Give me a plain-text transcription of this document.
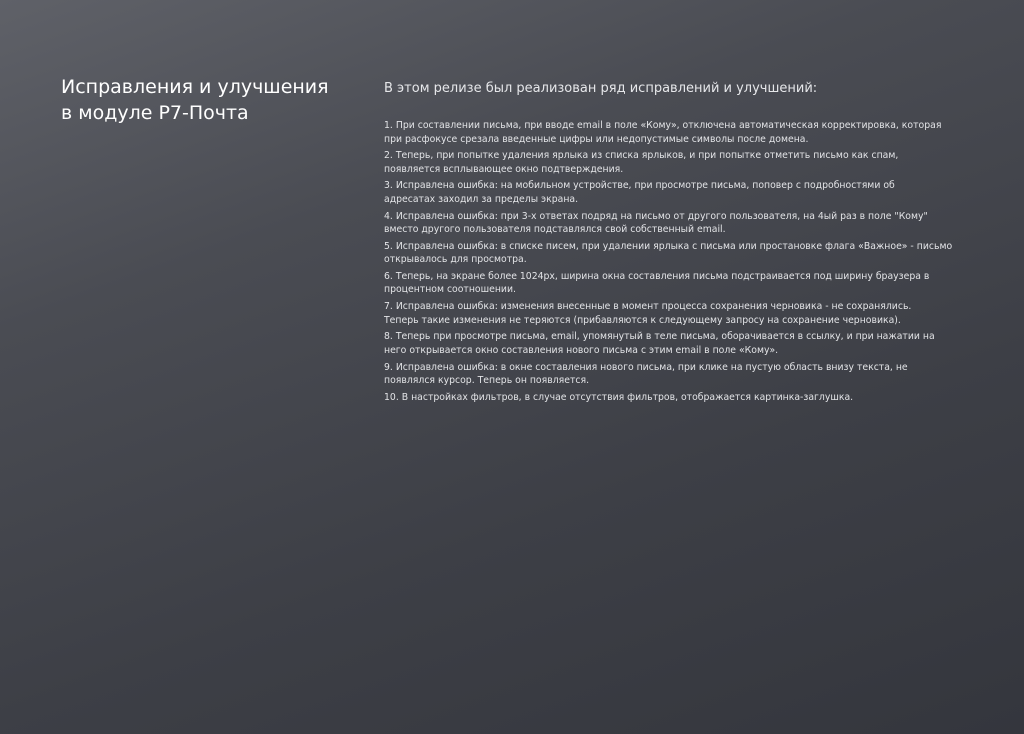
Исправления и улучшения
в модуле Р7-Почта

В этом релизе был реализован ряд исправлений и улучшений:

1. При составлении письма, при вводе email в поле «Кому», отключена автоматическая корректировка, которая
при расфокусе срезала введенные цифры или недопустимые символы после домена.
2. Теперь, при попытке удаления ярлыка из списка ярлыков, и при попытке отметить письмо как спам,
появляется всплывающее окно подтверждения.
3. Исправлена ошибка: на мобильном устройстве, при просмотре письма, поповер с подробностями об
адресатах заходил за пределы экрана.
4. Исправлена ошибка: при 3-х ответах подряд на письмо от другого пользователя, на 4ый раз в поле "Кому"
вместо другого пользователя подставлялся свой собственный email.
5. Исправлена ошибка: в списке писем, при удалении ярлыка с письма или простановке флага «Важное» - письмо
открывалось для просмотра.
6. Теперь, на экране более 1024px, ширина окна составления письма подстраивается под ширину браузера в
процентном соотношении.
7. Исправлена ошибка: изменения внесенные в момент процесса сохранения черновика - не сохранялись.
Теперь такие изменения не теряются (прибавляются к следующему запросу на сохранение черновика).
8. Теперь при просмотре письма, email, упомянутый в теле письма, оборачивается в ссылку, и при нажатии на
него открывается окно составления нового письма с этим email в поле «Кому».
9. Исправлена ошибка: в окне составления нового письма, при клике на пустую область внизу текста, не
появлялся курсор. Теперь он появляется.
10. В настройках фильтров, в случае отсутствия фильтров, отображается картинка-заглушка.
